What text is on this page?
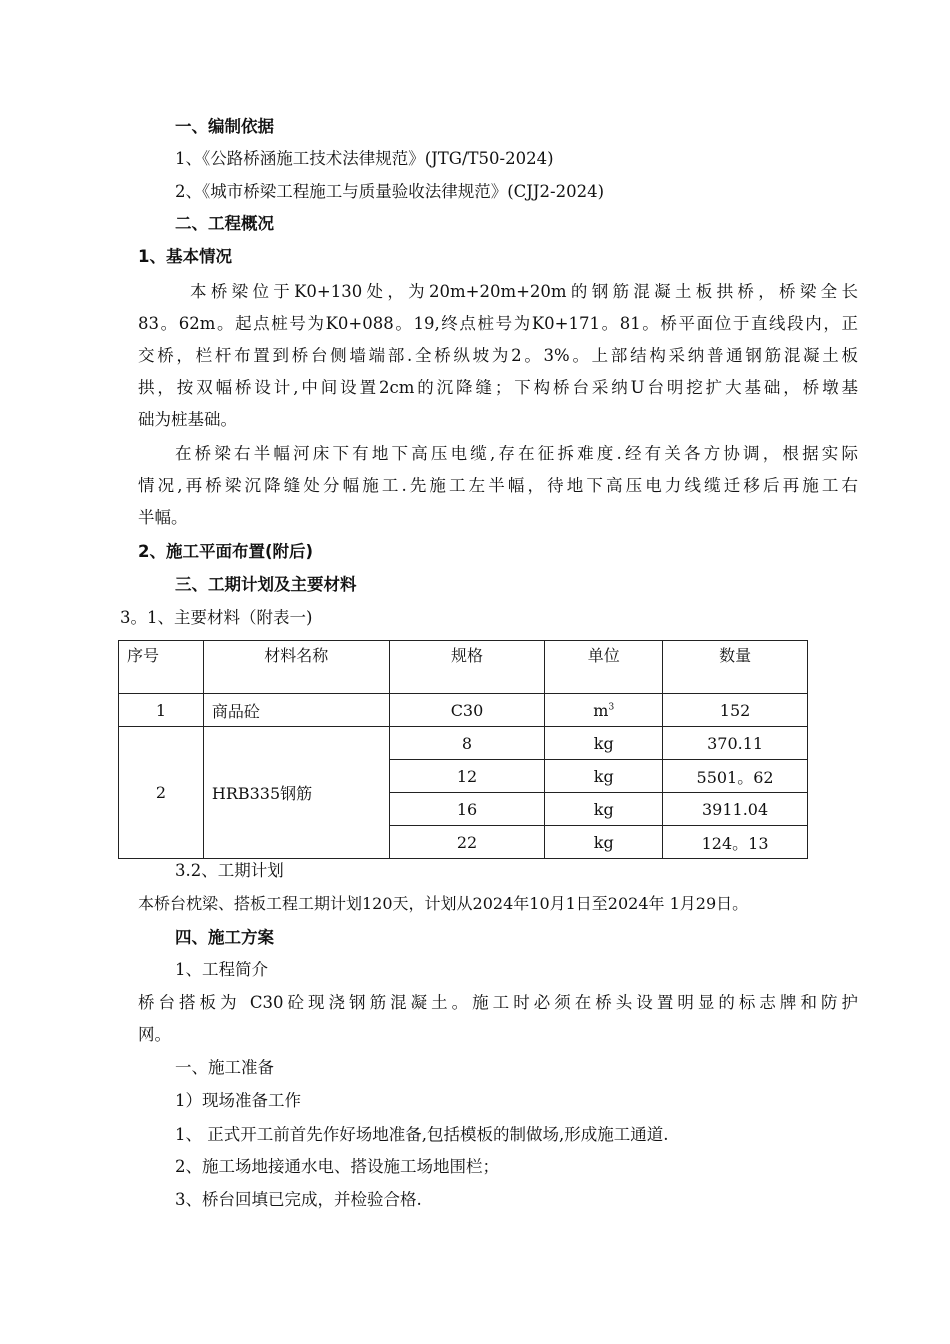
一、编制依据
1、《公路桥涵施工技术法律规范》(JTG/T50-2024)
2、《城市桥梁工程施工与质量验收法律规范》(CJJ2-2024)
二、工程概况
1、基本情况
本桥梁位于K0+130处，为20m+20m+20m的钢筋混凝土板拱桥，桥梁全长
83。62m。起点桩号为K0+088。19,终点桩号为K0+171。81。桥平面位于直线段内，正
交桥，栏杆布置到桥台侧墙端部.全桥纵坡为2。3%。上部结构采纳普通钢筋混凝土板
拱，按双幅桥设计,中间设置2cm的沉降缝；下构桥台采纳U台明挖扩大基础，桥墩基
础为桩基础。
在桥梁右半幅河床下有地下高压电缆,存在征拆难度.经有关各方协调，根据实际
情况,再桥梁沉降缝处分幅施工.先施工左半幅，待地下高压电力线缆迁移后再施工右
半幅。
2、施工平面布置(附后)
三、工期计划及主要材料
3。1、主要材料（附表一)
序号	材料名称	规格	单位	数量
1	商品砼	C30	$m^3$	152
2	HRB335钢筋	8	kg	370.11
		12	kg	5501。62
		16	kg	3911.04
		22	kg	124。13
3.2、工期计划
本桥台枕梁、搭板工程工期计划120天，计划从2024年10月1日至2024年 1月29日。
四、施工方案
1、工程简介
桥台搭板为 C30砼现浇钢筋混凝土。施工时必须在桥头设置明显的标志牌和防护
网。
一、施工准备
1）现场准备工作
1、 正式开工前首先作好场地准备,包括模板的制做场,形成施工通道.
2、施工场地接通水电、搭设施工场地围栏；
3、桥台回填已完成，并检验合格.
